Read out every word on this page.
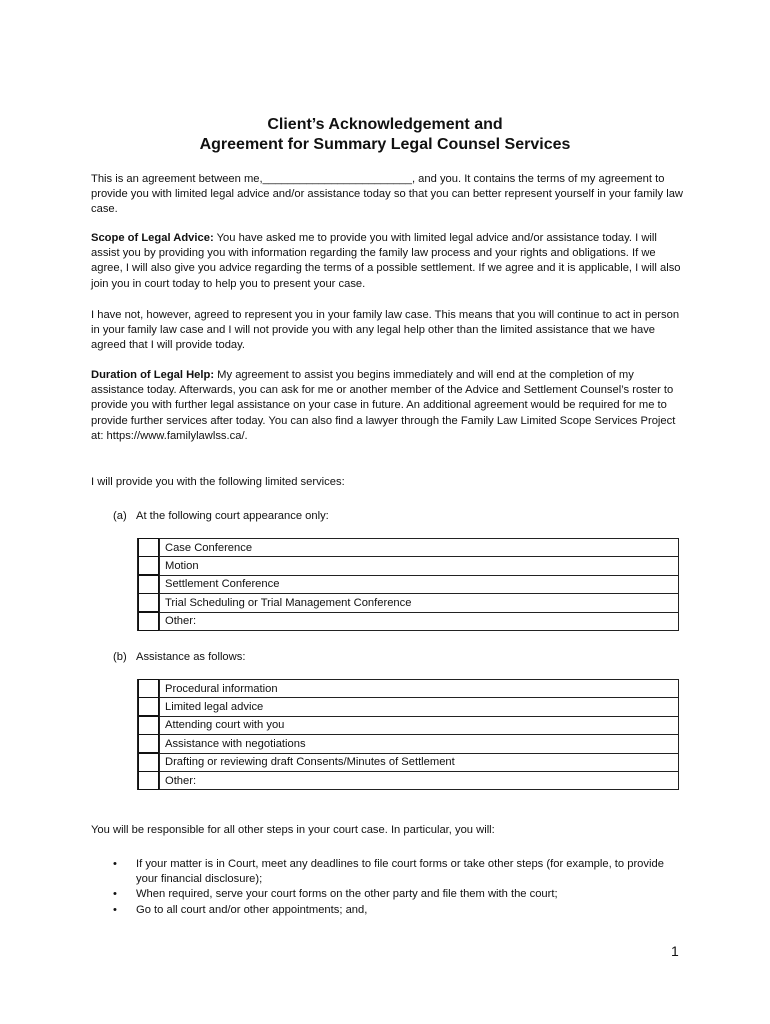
Client’s Acknowledgement and
Agreement for Summary Legal Counsel Services

This is an agreement between me,________________________, and you. It contains the terms of my agreement to provide you with limited legal advice and/or assistance today so that you can better represent yourself in your family law case.

Scope of Legal Advice: You have asked me to provide you with limited legal advice and/or assistance today. I will assist you by providing you with information regarding the family law process and your rights and obligations. If we agree, I will also give you advice regarding the terms of a possible settlement. If we agree and it is applicable, I will also join you in court today to help you to present your case.

I have not, however, agreed to represent you in your family law case. This means that you will continue to act in person in your family law case and I will not provide you with any legal help other than the limited assistance that we have agreed that I will provide today.

Duration of Legal Help: My agreement to assist you begins immediately and will end at the completion of my assistance today. Afterwards, you can ask for me or another member of the Advice and Settlement Counsel’s roster to provide you with further legal assistance on your case in future. An additional agreement would be required for me to provide further services after today. You can also find a lawyer through the Family Law Limited Scope Services Project at: https://www.familylawlss.ca/.

I will provide you with the following limited services:

(a) At the following court appearance only:
	Case Conference

	Motion

	Settlement Conference

	Trial Scheduling or Trial Management Conference

	Other:
(b) Assistance as follows:
	Procedural information

	Limited legal advice

	Attending court with you

	Assistance with negotiations

	Drafting or reviewing draft Consents/Minutes of Settlement

	Other:

You will be responsible for all other steps in your court case. In particular, you will:

• If your matter is in Court, meet any deadlines to file court forms or take other steps (for example, to provide your financial disclosure);
• When required, serve your court forms on the other party and file them with the court;
• Go to all court and/or other appointments; and,
1
